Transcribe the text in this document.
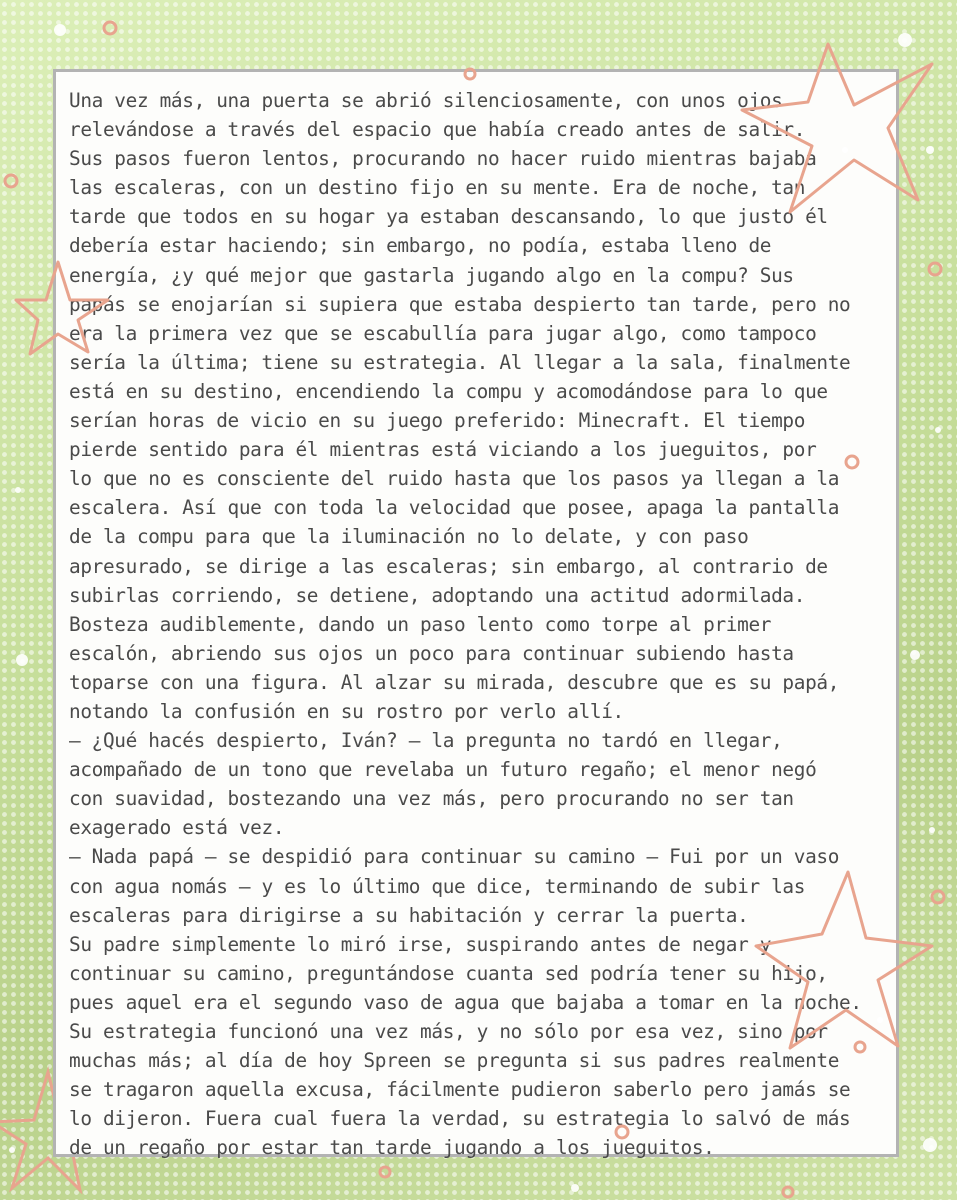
Una vez más, una puerta se abrió silenciosamente, con unos ojos
relevándose a través del espacio que había creado antes de salir.
Sus pasos fueron lentos, procurando no hacer ruido mientras bajaba
las escaleras, con un destino fijo en su mente. Era de noche, tan
tarde que todos en su hogar ya estaban descansando, lo que justo él
debería estar haciendo; sin embargo, no podía, estaba lleno de
energía, ¿y qué mejor que gastarla jugando algo en la compu? Sus
papás se enojarían si supiera que estaba despierto tan tarde, pero no
era la primera vez que se escabullía para jugar algo, como tampoco
sería la última; tiene su estrategia. Al llegar a la sala, finalmente
está en su destino, encendiendo la compu y acomodándose para lo que
serían horas de vicio en su juego preferido: Minecraft. El tiempo
pierde sentido para él mientras está viciando a los jueguitos, por
lo que no es consciente del ruido hasta que los pasos ya llegan a la
escalera. Así que con toda la velocidad que posee, apaga la pantalla
de la compu para que la iluminación no lo delate, y con paso
apresurado, se dirige a las escaleras; sin embargo, al contrario de
subirlas corriendo, se detiene, adoptando una actitud adormilada.
Bosteza audiblemente, dando un paso lento como torpe al primer
escalón, abriendo sus ojos un poco para continuar subiendo hasta
toparse con una figura. Al alzar su mirada, descubre que es su papá,
notando la confusión en su rostro por verlo allí.
— ¿Qué hacés despierto, Iván? — la pregunta no tardó en llegar,
acompañado de un tono que revelaba un futuro regaño; el menor negó
con suavidad, bostezando una vez más, pero procurando no ser tan
exagerado está vez.
— Nada papá — se despidió para continuar su camino — Fui por un vaso
con agua nomás — y es lo último que dice, terminando de subir las
escaleras para dirigirse a su habitación y cerrar la puerta.
Su padre simplemente lo miró irse, suspirando antes de negar y
continuar su camino, preguntándose cuanta sed podría tener su hijo,
pues aquel era el segundo vaso de agua que bajaba a tomar en la noche.
Su estrategia funcionó una vez más, y no sólo por esa vez, sino por
muchas más; al día de hoy Spreen se pregunta si sus padres realmente
se tragaron aquella excusa, fácilmente pudieron saberlo pero jamás se
lo dijeron. Fuera cual fuera la verdad, su estrategia lo salvó de más
de un regaño por estar tan tarde jugando a los jueguitos.
